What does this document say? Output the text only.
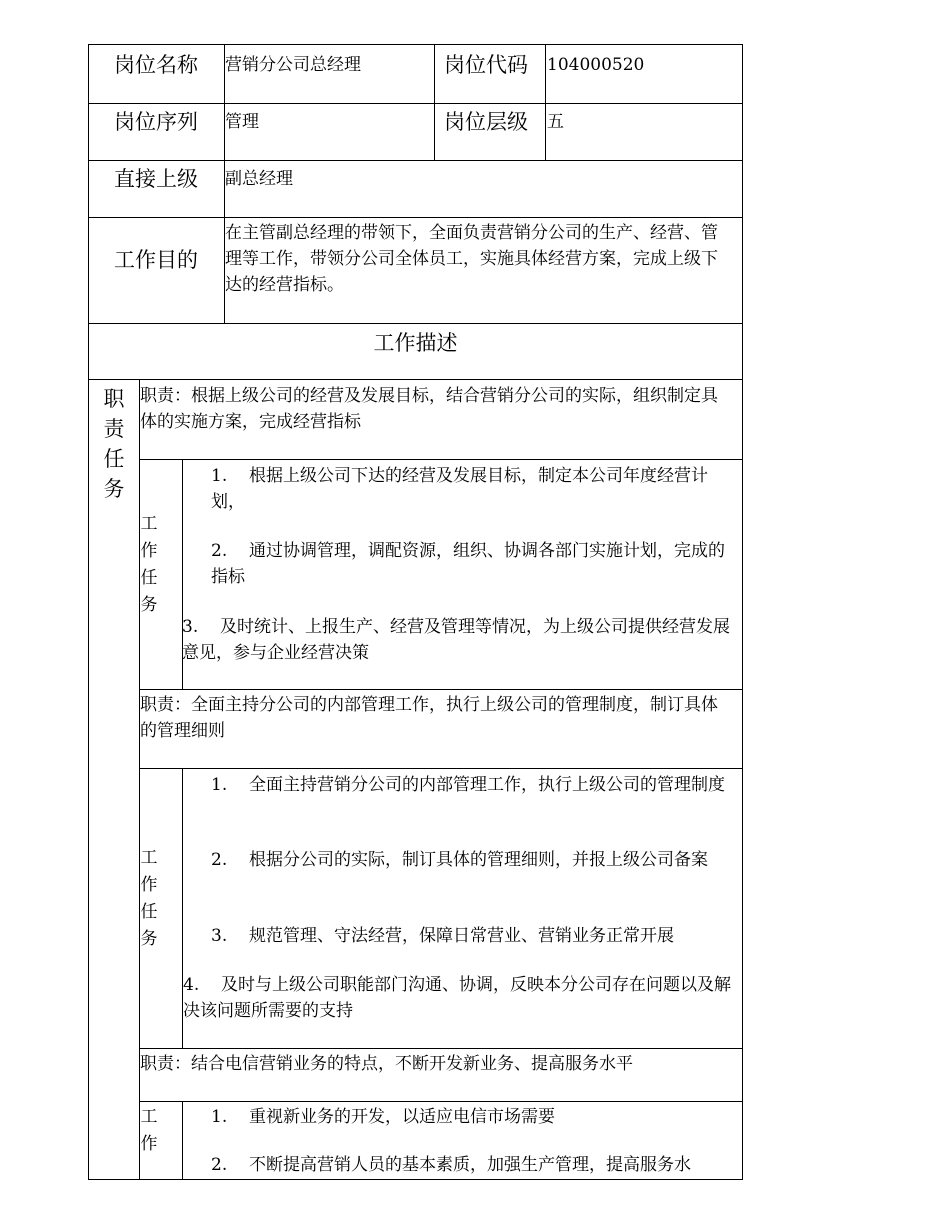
岗位名称 营销分公司总经理	岗位代码 104000520
岗位序列 管理	岗位层级 五
直接上级 副总经理
工作目的
在主管副总经理的带领下，全面负责营销分公司的生产、经营、管理等工作，带领分公司全体员工，实施具体经营方案，完成上级下达的经营指标。
工作描述
职
责
任
务
职责：根据上级公司的经营及发展目标，结合营销分公司的实际，组织制定具体的实施方案，完成经营指标
工
作
任
务
1. 根据上级公司下达的经营及发展目标，制定本公司年度经营计划，
2. 通过协调管理，调配资源，组织、协调各部门实施计划，完成的指标
3. 及时统计、上报生产、经营及管理等情况，为上级公司提供经营发展意见，参与企业经营决策
职责：全面主持分公司的内部管理工作，执行上级公司的管理制度，制订具体的管理细则
工
作
任
务
1. 全面主持营销分公司的内部管理工作，执行上级公司的管理制度
2. 根据分公司的实际，制订具体的管理细则，并报上级公司备案
3. 规范管理、守法经营，保障日常营业、营销业务正常开展
4. 及时与上级公司职能部门沟通、协调，反映本分公司存在问题以及解决该问题所需要的支持
职责：结合电信营销业务的特点，不断开发新业务、提高服务水平
工
作
1. 重视新业务的开发，以适应电信市场需要
2. 不断提高营销人员的基本素质，加强生产管理，提高服务水
